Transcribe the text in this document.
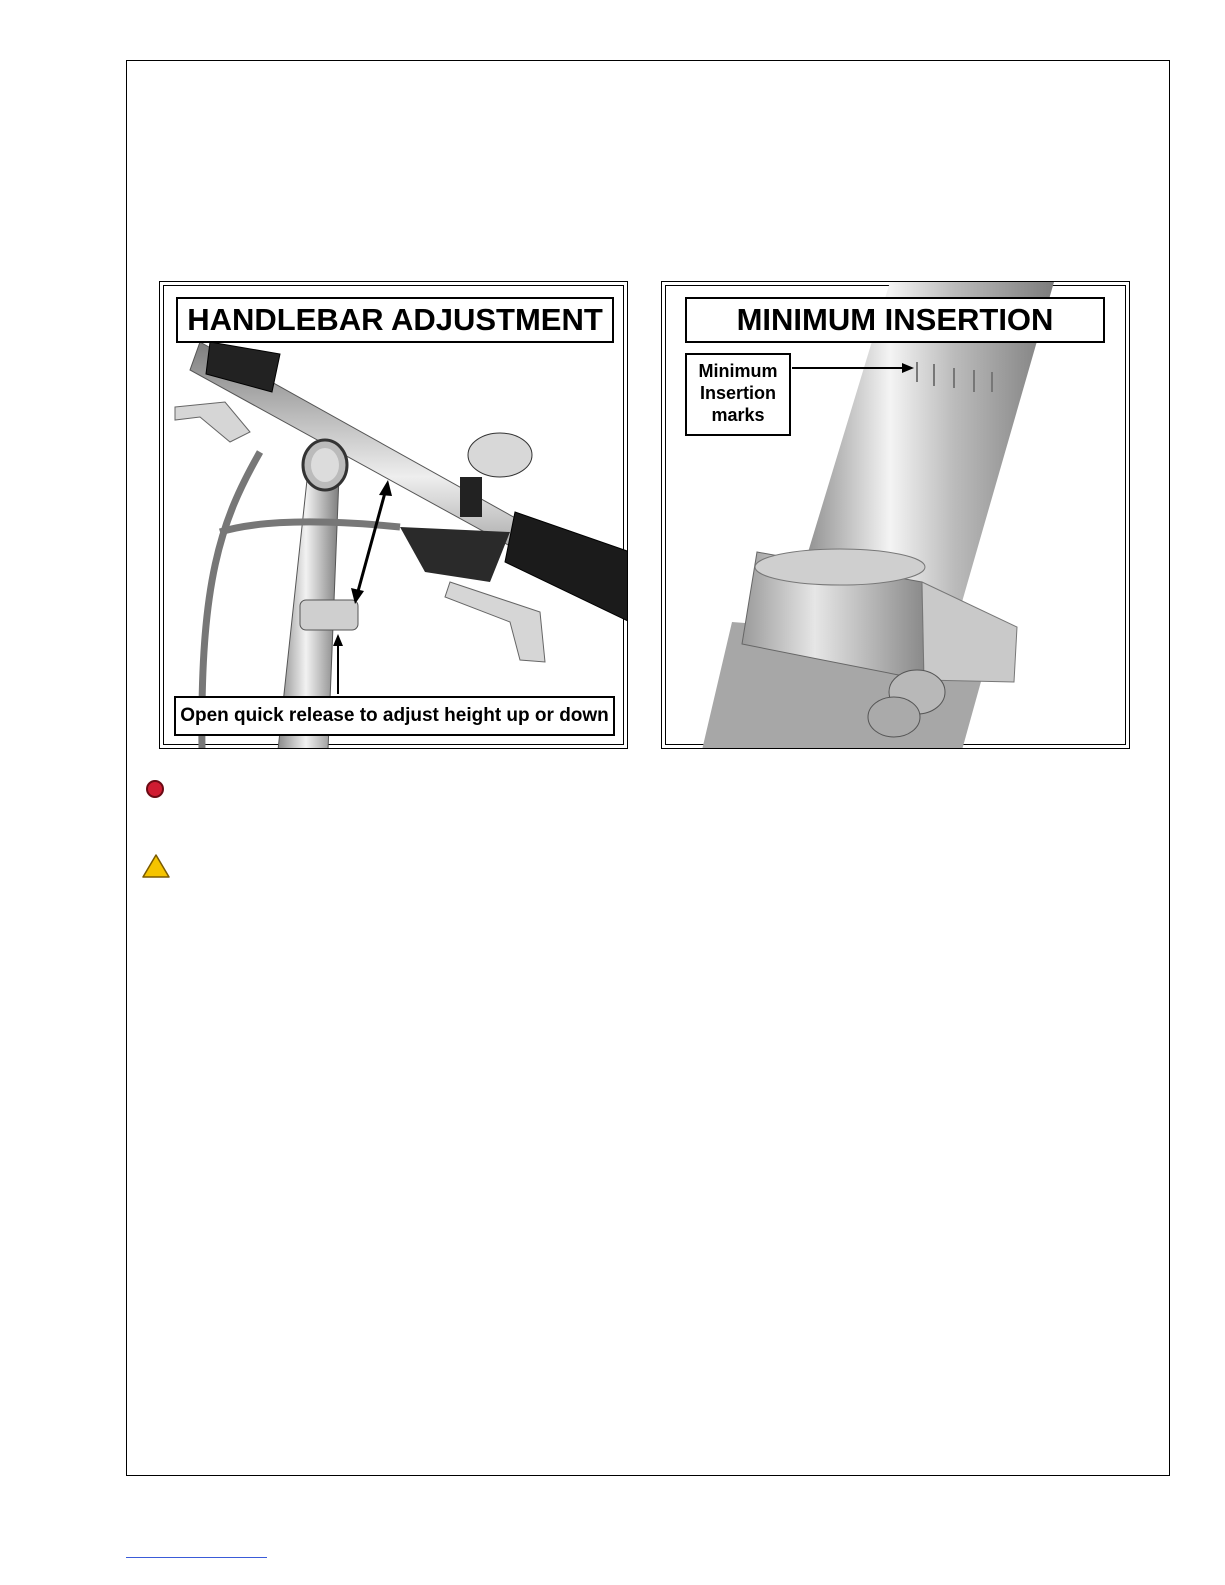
HANDLEBAR ADJUSTMENT
Open quick release to adjust height up or down
MINIMUM INSERTION
Minimum Insertion marks
